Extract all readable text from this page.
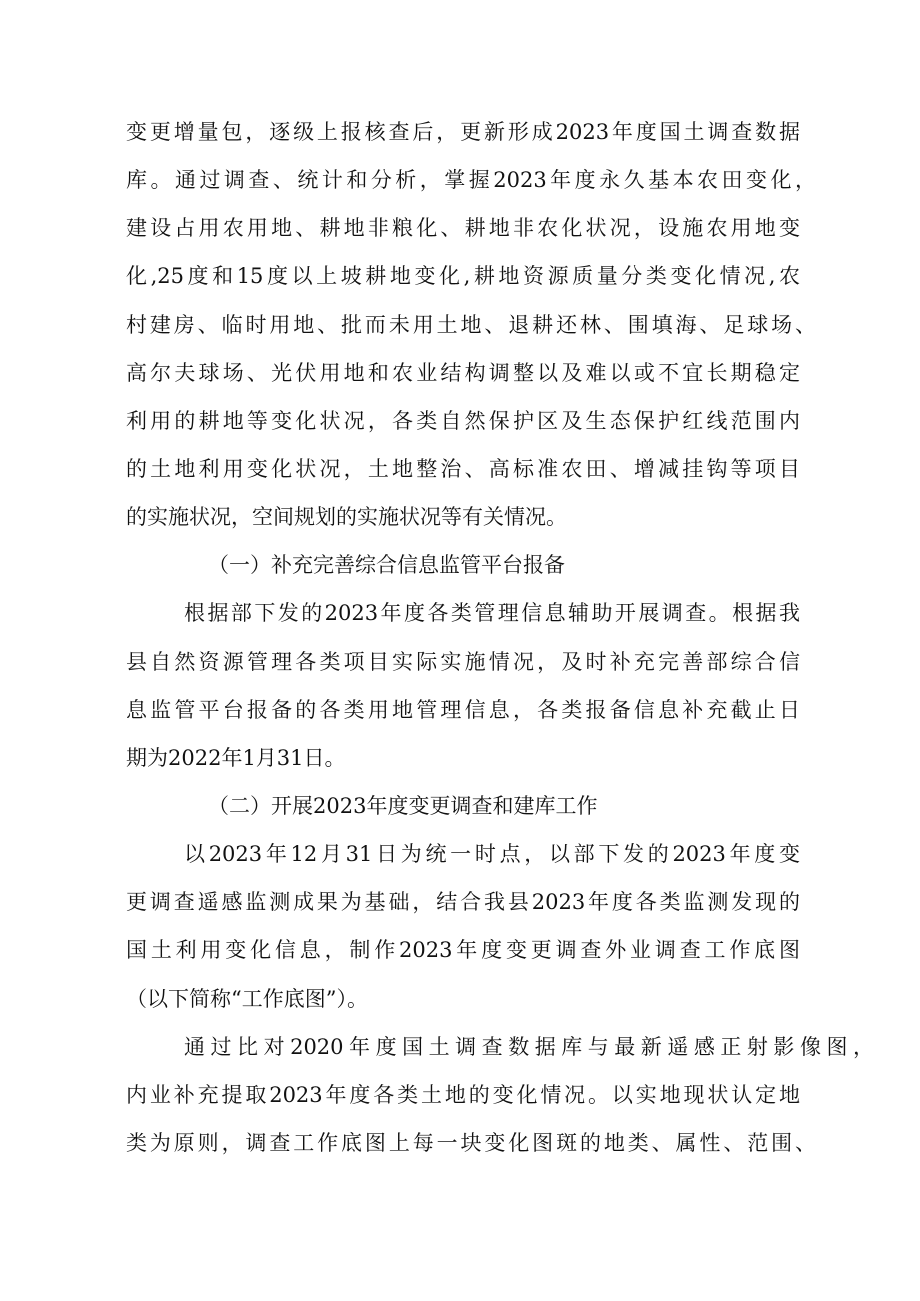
变更增量包，逐级上报核查后，更新形成2023年度国土调查数据
库。通过调查、统计和分析，掌握2023年度永久基本农田变化，
建设占用农用地、耕地非粮化、耕地非农化状况，设施农用地变
化,25度和15度以上坡耕地变化,耕地资源质量分类变化情况,农
村建房、临时用地、批而未用土地、退耕还林、围填海、足球场、
高尔夫球场、光伏用地和农业结构调整以及难以或不宜长期稳定
利用的耕地等变化状况，各类自然保护区及生态保护红线范围内
的土地利用变化状况，土地整治、高标准农田、增减挂钩等项目
的实施状况，空间规划的实施状况等有关情况。
（一）补充完善综合信息监管平台报备
根据部下发的2023年度各类管理信息辅助开展调查。根据我
县自然资源管理各类项目实际实施情况，及时补充完善部综合信
息监管平台报备的各类用地管理信息，各类报备信息补充截止日
期为2022年1月31日。
（二）开展2023年度变更调查和建库工作
以2023年12月31日为统一时点，以部下发的2023年度变
更调查遥感监测成果为基础，结合我县2023年度各类监测发现的
国土利用变化信息，制作2023年度变更调查外业调查工作底图
（以下简称“工作底图”）。
通过比对2020年度国土调查数据库与最新遥感正射影像图，
内业补充提取2023年度各类土地的变化情况。以实地现状认定地
类为原则，调查工作底图上每一块变化图斑的地类、属性、范围、
